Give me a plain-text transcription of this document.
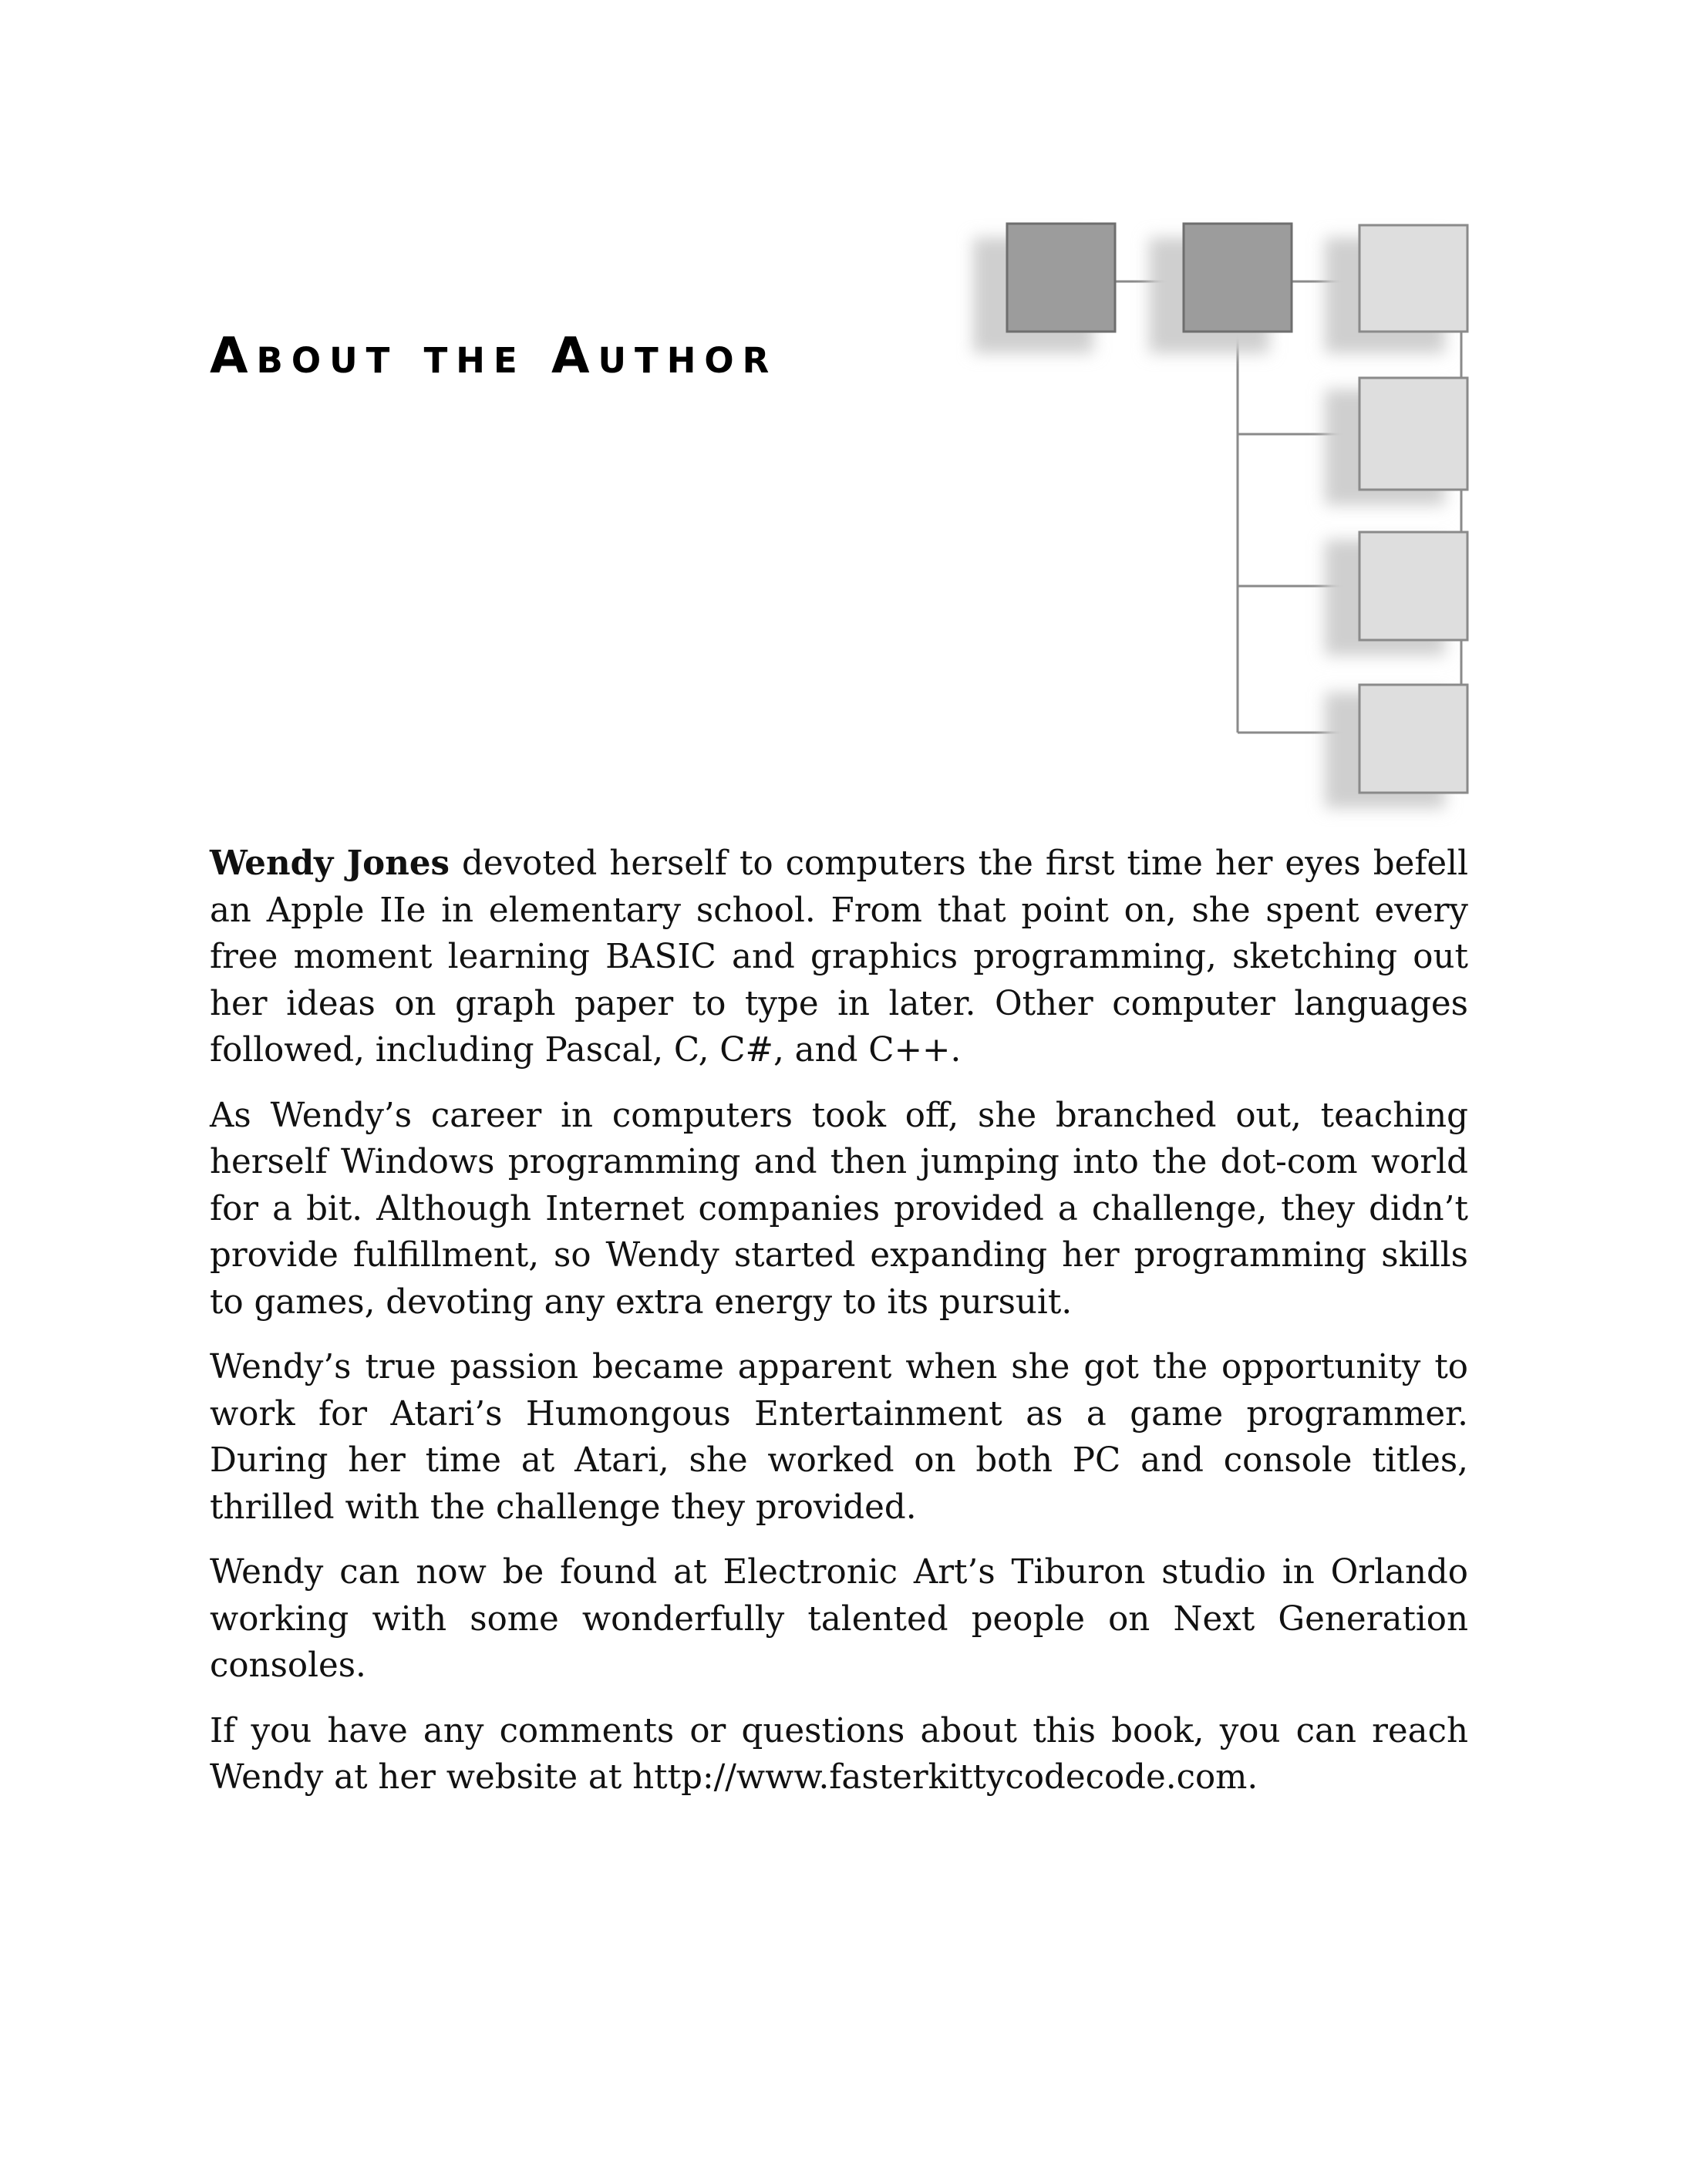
About the Author

Wendy Jones devoted herself to computers the first time her eyes befell an Apple IIe in elementary school. From that point on, she spent every free moment learning BASIC and graphics programming, sketching out her ideas on graph paper to type in later. Other computer languages followed, including Pascal, C, C#, and C++.

As Wendy’s career in computers took off, she branched out, teaching herself Windows programming and then jumping into the dot-com world for a bit. Although Internet companies provided a challenge, they didn’t provide fulfillment, so Wendy started expanding her programming skills to games, devoting any extra energy to its pursuit.

Wendy’s true passion became apparent when she got the opportunity to work for Atari’s Humongous Entertainment as a game programmer. During her time at Atari, she worked on both PC and console titles, thrilled with the challenge they provided.

Wendy can now be found at Electronic Art’s Tiburon studio in Orlando working with some wonderfully talented people on Next Generation consoles.

If you have any comments or questions about this book, you can reach Wendy at her website at http://www.fasterkittycodecode.com.
